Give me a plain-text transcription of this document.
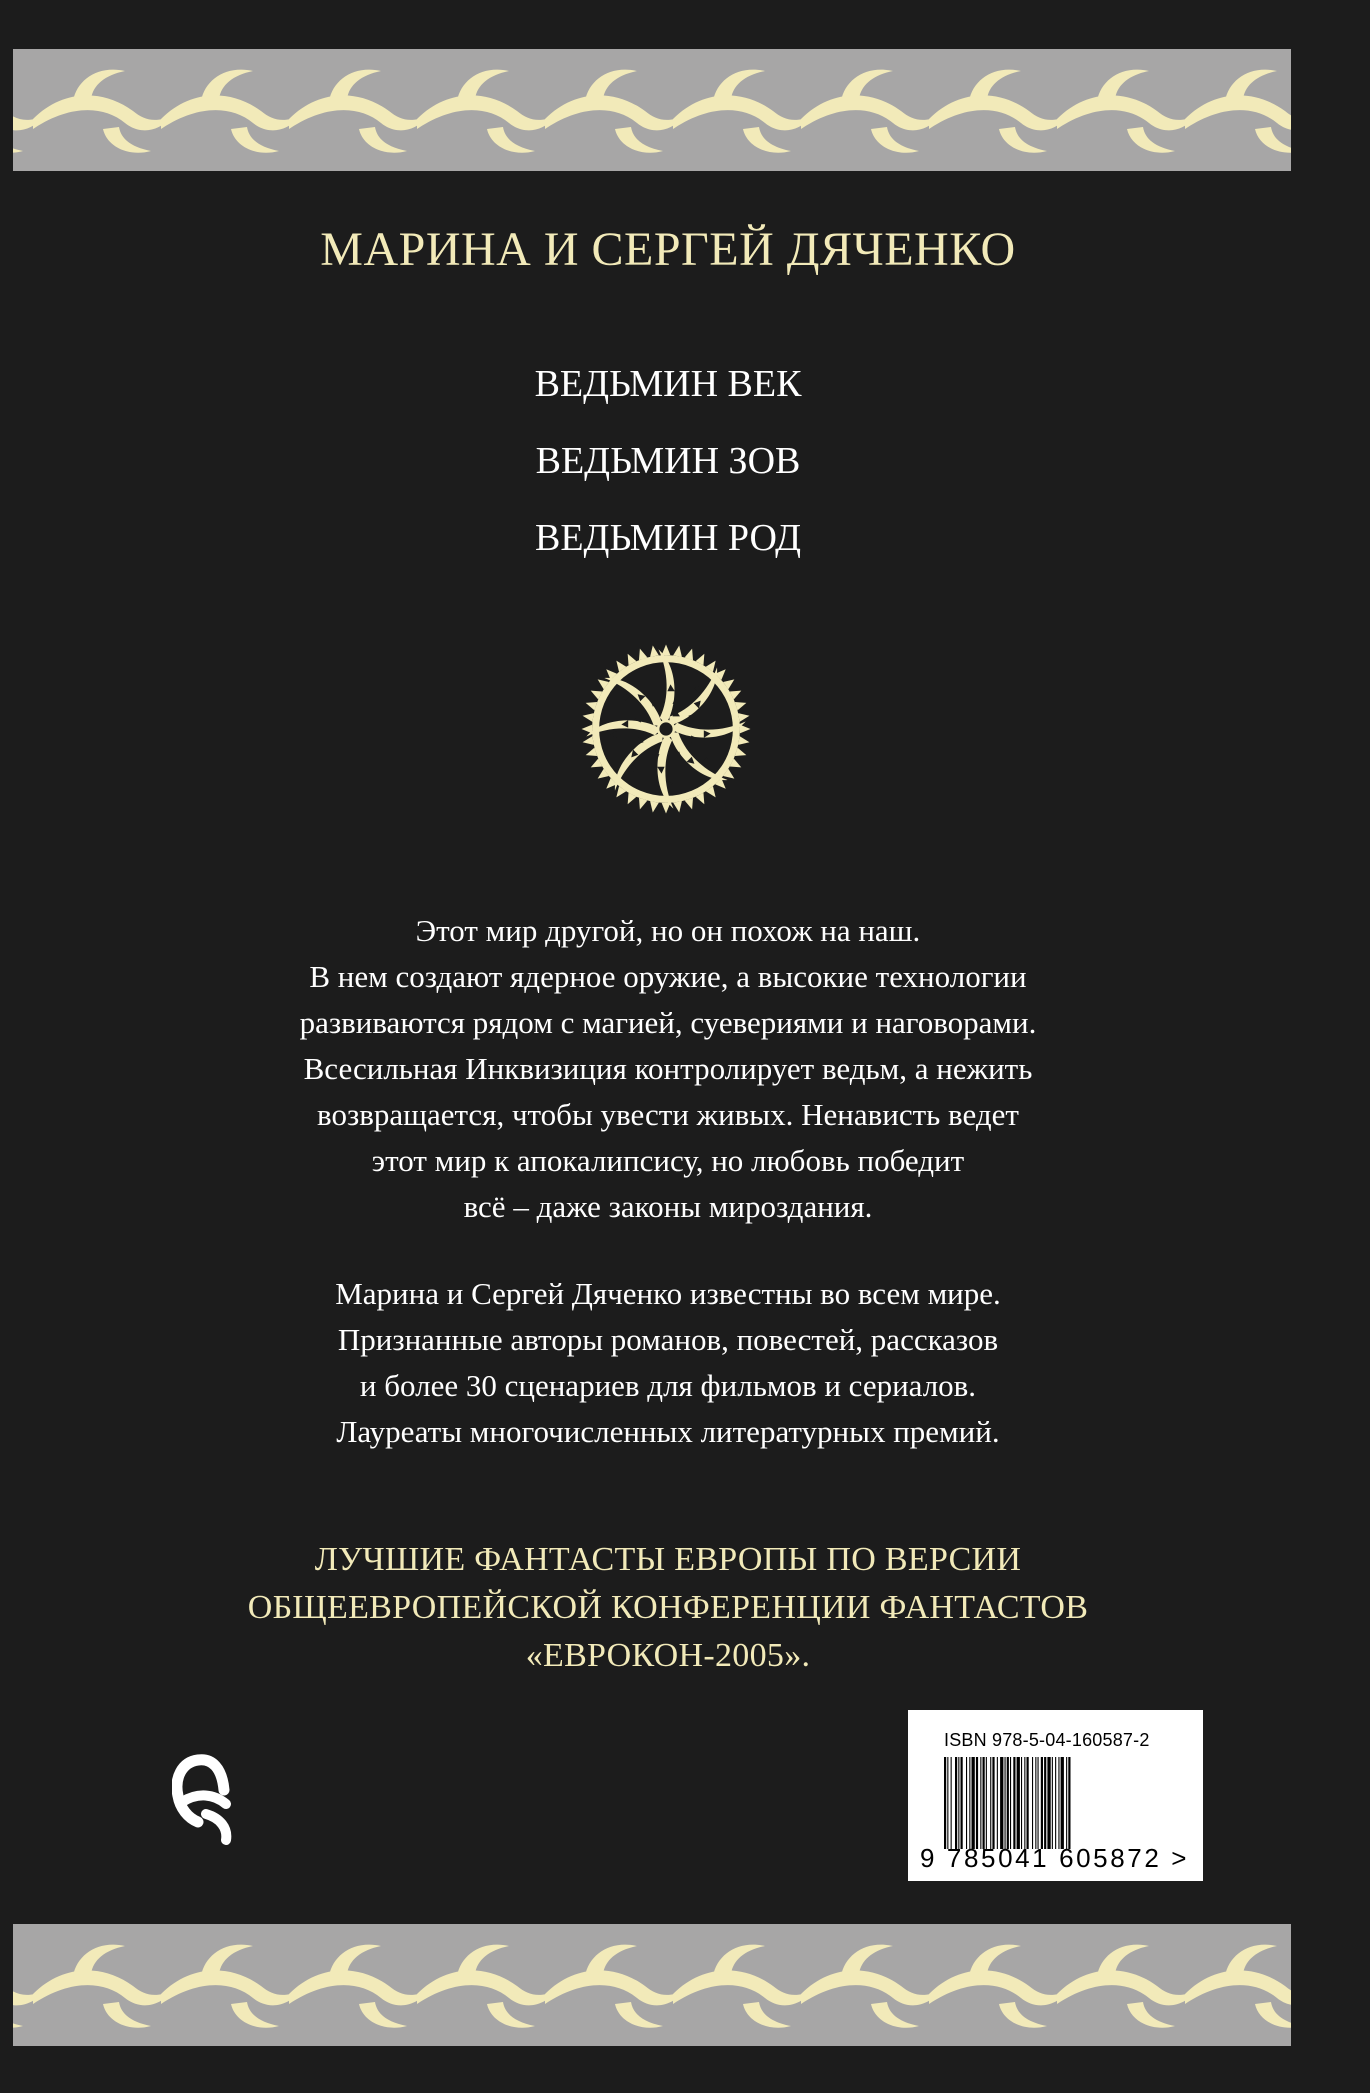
МАРИНА И СЕРГЕЙ ДЯЧЕНКО
ВЕДЬМИН ВЕК
ВЕДЬМИН ЗОВ
ВЕДЬМИН РОД

Этот мир другой, но он похож на наш.

В нем создают ядерное оружие, а высокие технологии

развиваются рядом с магией, суевериями и наговорами.

Всесильная Инквизиция контролирует ведьм, а нежить

возвращается, чтобы увести живых. Ненависть ведет

этот мир к апокалипсису, но любовь победит

всё – даже законы мироздания.

Марина и Сергей Дяченко известны во всем мире.

Признанные авторы романов, повестей, рассказов

и более 30 сценариев для фильмов и сериалов.

Лауреаты многочисленных литературных премий.

ЛУЧШИЕ ФАНТАСТЫ ЕВРОПЫ ПО ВЕРСИИ

ОБЩЕЕВРОПЕЙСКОЙ КОНФЕРЕНЦИИ ФАНТАСТОВ

«ЕВРОКОН-2005».

ISBN 978-5-04-160587-2
9 785041 605872 >
